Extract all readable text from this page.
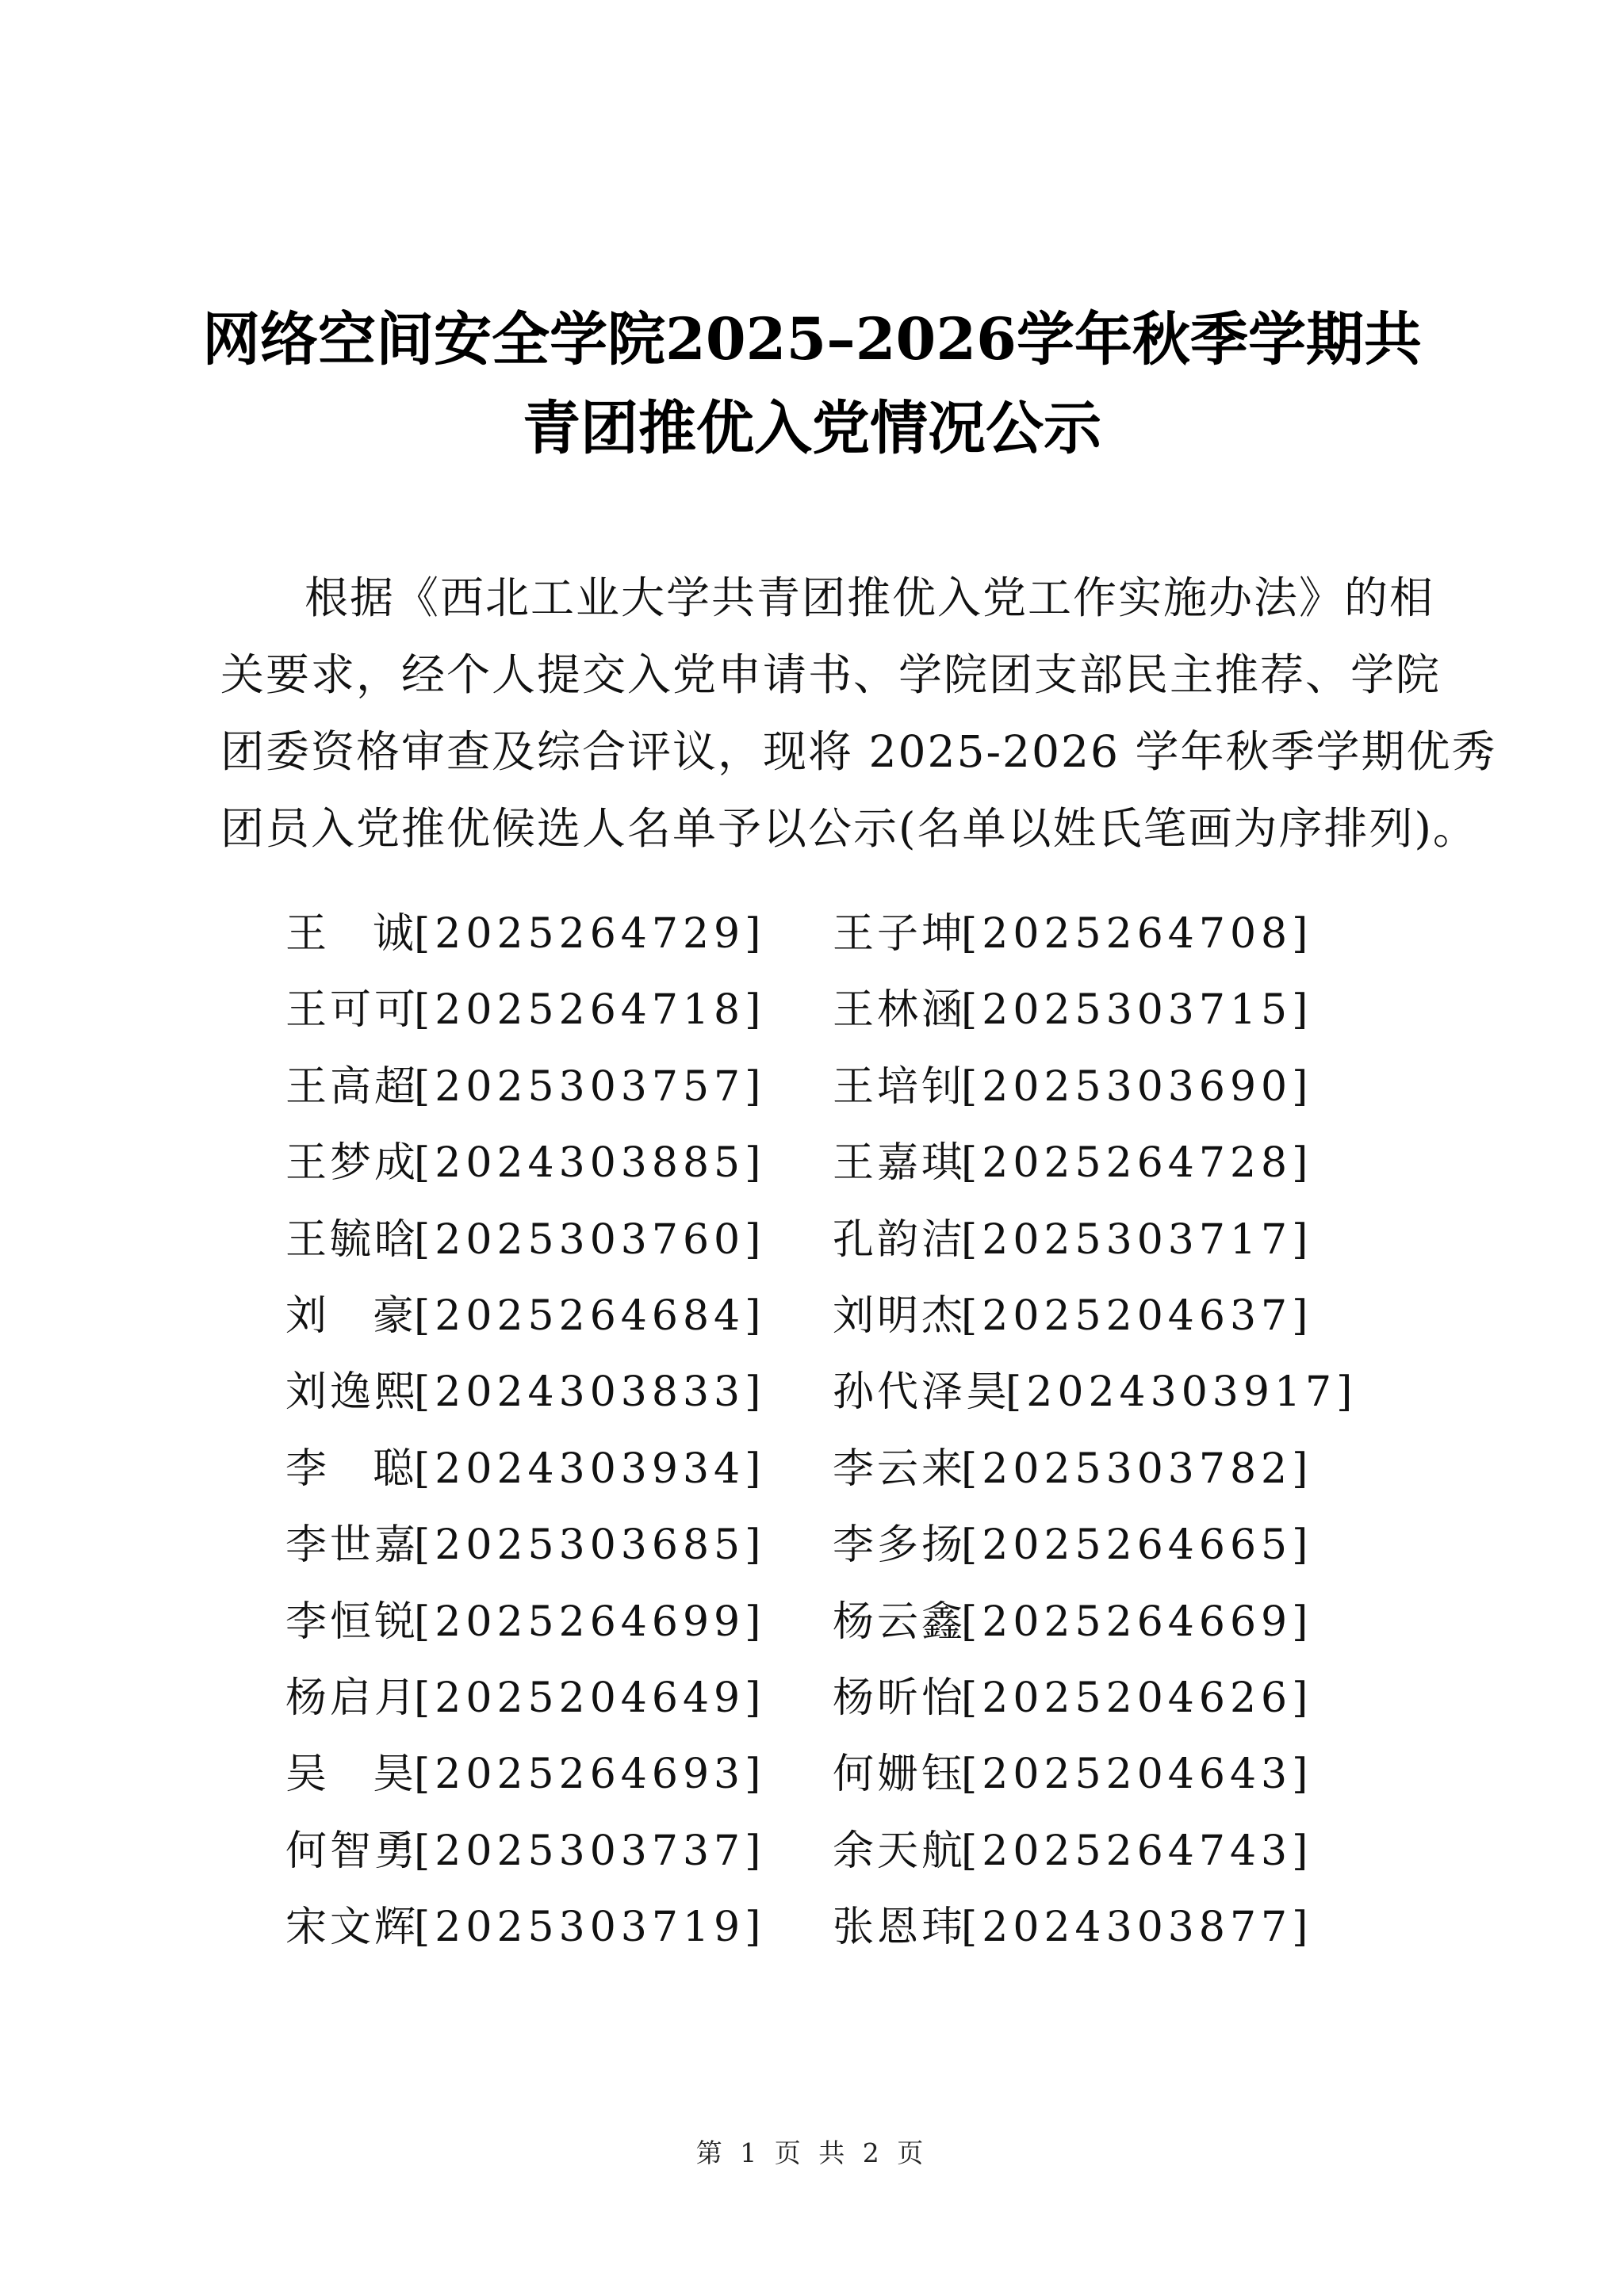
网络空间安全学院2025–2026学年秋季学期共
青团推优入党情况公示
根据《西北工业大学共青团推优入党工作实施办法》的相
关要求，经个人提交入党申请书、学院团支部民主推荐、学院
团委资格审查及综合评议，现将 2025-2026 学年秋季学期优秀
团员入党推优候选人名单予以公示(名单以姓氏笔画为序排列)。
王诚[2025264729] 王子坤[2025264708]
王可可[2025264718] 王林涵[2025303715]
王高超[2025303757] 王培钊[2025303690]
王梦成[2024303885] 王嘉琪[2025264728]
王毓晗[2025303760] 孔韵洁[2025303717]
刘豪[2025264684] 刘明杰[2025204637]
刘逸熙[2024303833] 孙代泽昊[2024303917]
李聪[2024303934] 李云来[2025303782]
李世嘉[2025303685] 李多扬[2025264665]
李恒锐[2025264699] 杨云鑫[2025264669]
杨启月[2025204649] 杨昕怡[2025204626]
吴昊[2025264693] 何姗钰[2025204643]
何智勇[2025303737] 余天航[2025264743]
宋文辉[2025303719] 张恩玮[2024303877]
第 1 页 共 2 页
